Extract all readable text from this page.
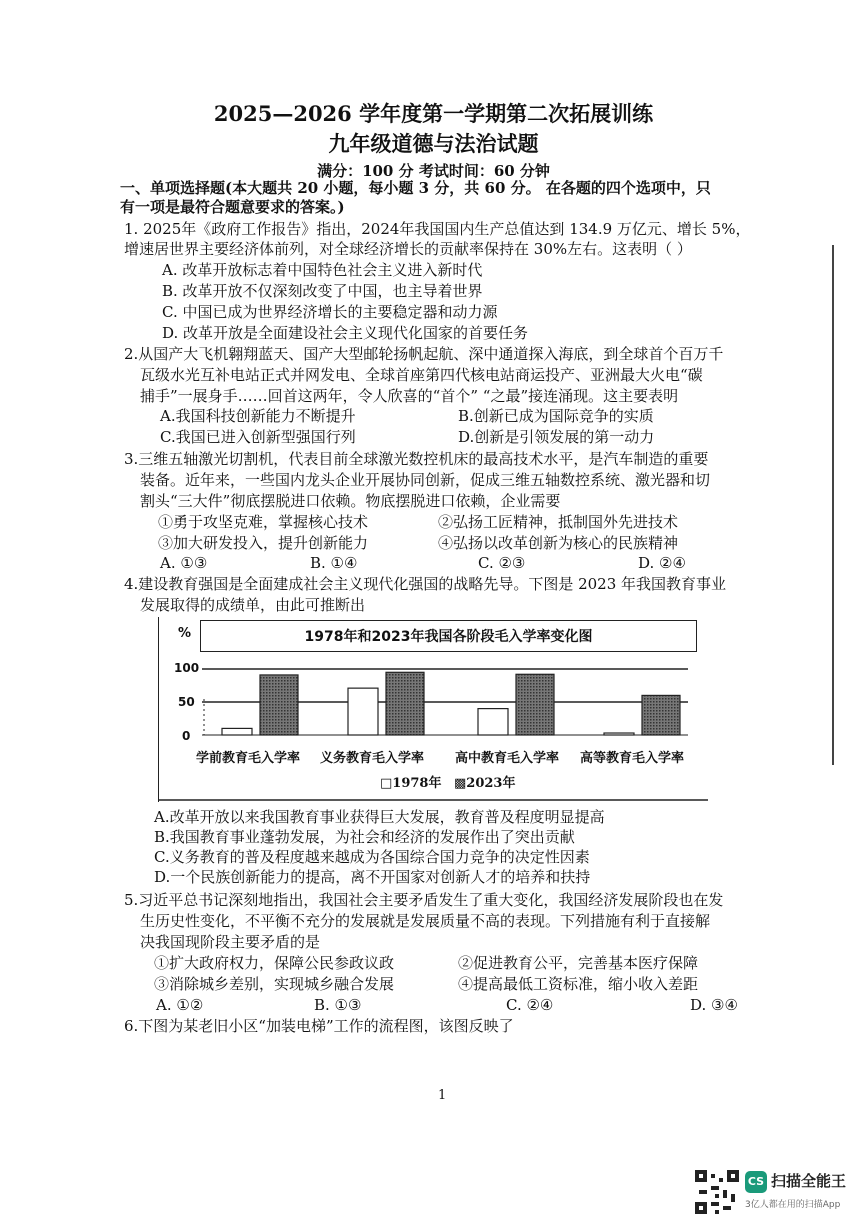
2025—2026 学年度第一学期第二次拓展训练
九年级道德与法治试题
满分：100 分 考试时间：60 分钟
一、单项选择题(本大题共 20 小题，每小题 3 分，共 60 分。 在各题的四个选项中，只
有一项是最符合题意要求的答案。)
1. 2025年《政府工作报告》指出，2024年我国国内生产总值达到 134.9 万亿元、增长 5%，
增速居世界主要经济体前列，对全球经济增长的贡献率保持在 30%左右。这表明（ ）
A. 改革开放标志着中国特色社会主义进入新时代
B. 改革开放不仅深刻改变了中国，也主导着世界
C. 中国已成为世界经济增长的主要稳定器和动力源
D. 改革开放是全面建设社会主义现代化国家的首要任务
2.从国产大飞机翱翔蓝天、国产大型邮轮扬帆起航、深中通道探入海底，到全球首个百万千
瓦级水光互补电站正式并网发电、全球首座第四代核电站商运投产、亚洲最大火电“碳
捕手”一展身手……回首这两年，令人欣喜的“首个” “之最”接连涌现。这主要表明
A.我国科技创新能力不断提升	B.创新已成为国际竞争的实质
C.我国已进入创新型强国行列	D.创新是引领发展的第一动力
3.三维五轴激光切割机，代表目前全球激光数控机床的最高技术水平，是汽车制造的重要
装备。近年来，一些国内龙头企业开展协同创新，促成三维五轴数控系统、激光器和切
割头“三大件”彻底摆脱进口依赖。物底摆脱进口依赖，企业需要
①勇于攻坚克难，掌握核心技术	②弘扬工匠精神，抵制国外先进技术
③加大研发投入，提升创新能力	④弘扬以改革创新为核心的民族精神
A. ①③	B. ①④	C. ②③	D. ②④
4.建设教育强国是全面建成社会主义现代化强国的战略先导。下图是 2023 年我国教育事业
发展取得的成绩单，由此可推断出
1978年和2023年我国各阶段毛入学率变化图
%
100
50
0
学前教育毛入学率 义务教育毛入学率 高中教育毛入学率 高等教育毛入学率
□1978年 ▩2023年
A.改革开放以来我国教育事业获得巨大发展，教育普及程度明显提高
B.我国教育事业蓬勃发展，为社会和经济的发展作出了突出贡献
C.义务教育的普及程度越来越成为各国综合国力竞争的决定性因素
D.一个民族创新能力的提高，离不开国家对创新人才的培养和扶持
5.习近平总书记深刻地指出，我国社会主要矛盾发生了重大变化，我国经济发展阶段也在发
生历史性变化，不平衡不充分的发展就是发展质量不高的表现。下列措施有利于直接解
决我国现阶段主要矛盾的是
①扩大政府权力，保障公民参政议政	②促进教育公平，完善基本医疗保障
③消除城乡差别，实现城乡融合发展	④提高最低工资标准，缩小收入差距
A. ①②	B. ①③	C. ②④	D. ③④
6.下图为某老旧小区“加装电梯”工作的流程图，该图反映了
1
CS 扫描全能王
3亿人都在用的扫描App
